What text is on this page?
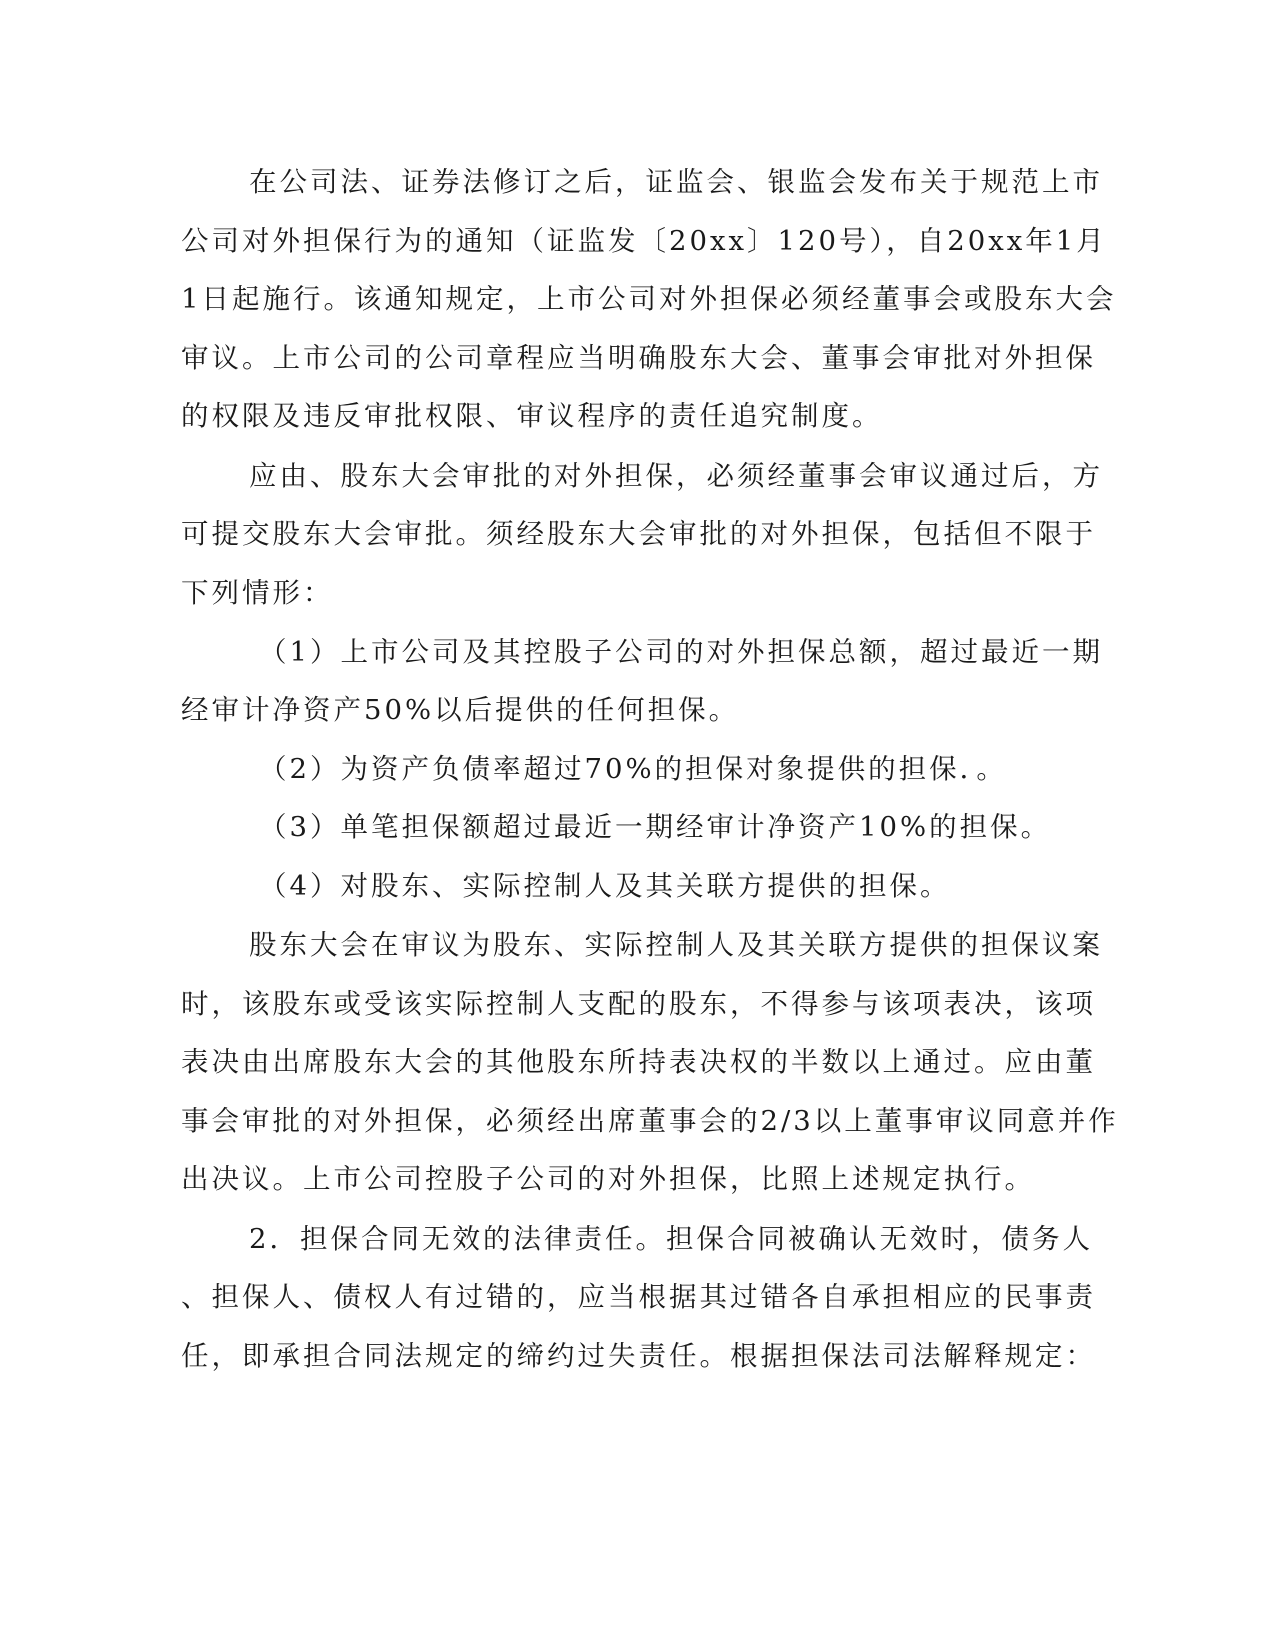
在公司法、证券法修订之后，证监会、银监会发布关于规范上市
公司对外担保行为的通知（证监发〔20xx〕120号），自20xx年1月
1日起施行。该通知规定，上市公司对外担保必须经董事会或股东大会
审议。上市公司的公司章程应当明确股东大会、董事会审批对外担保
的权限及违反审批权限、审议程序的责任追究制度。
应由、股东大会审批的对外担保，必须经董事会审议通过后，方
可提交股东大会审批。须经股东大会审批的对外担保，包括但不限于
下列情形：
（1）上市公司及其控股子公司的对外担保总额，超过最近一期
经审计净资产50%以后提供的任何担保。
（2）为资产负债率超过70%的担保对象提供的担保．。
（3）单笔担保额超过最近一期经审计净资产10%的担保。
（4）对股东、实际控制人及其关联方提供的担保。
股东大会在审议为股东、实际控制人及其关联方提供的担保议案
时，该股东或受该实际控制人支配的股东，不得参与该项表决，该项
表决由出席股东大会的其他股东所持表决权的半数以上通过。应由董
事会审批的对外担保，必须经出席董事会的2/3以上董事审议同意并作
出决议。上市公司控股子公司的对外担保，比照上述规定执行。
2．担保合同无效的法律责任。担保合同被确认无效时，债务人
、担保人、债权人有过错的，应当根据其过错各自承担相应的民事责
任，即承担合同法规定的缔约过失责任。根据担保法司法解释规定：
